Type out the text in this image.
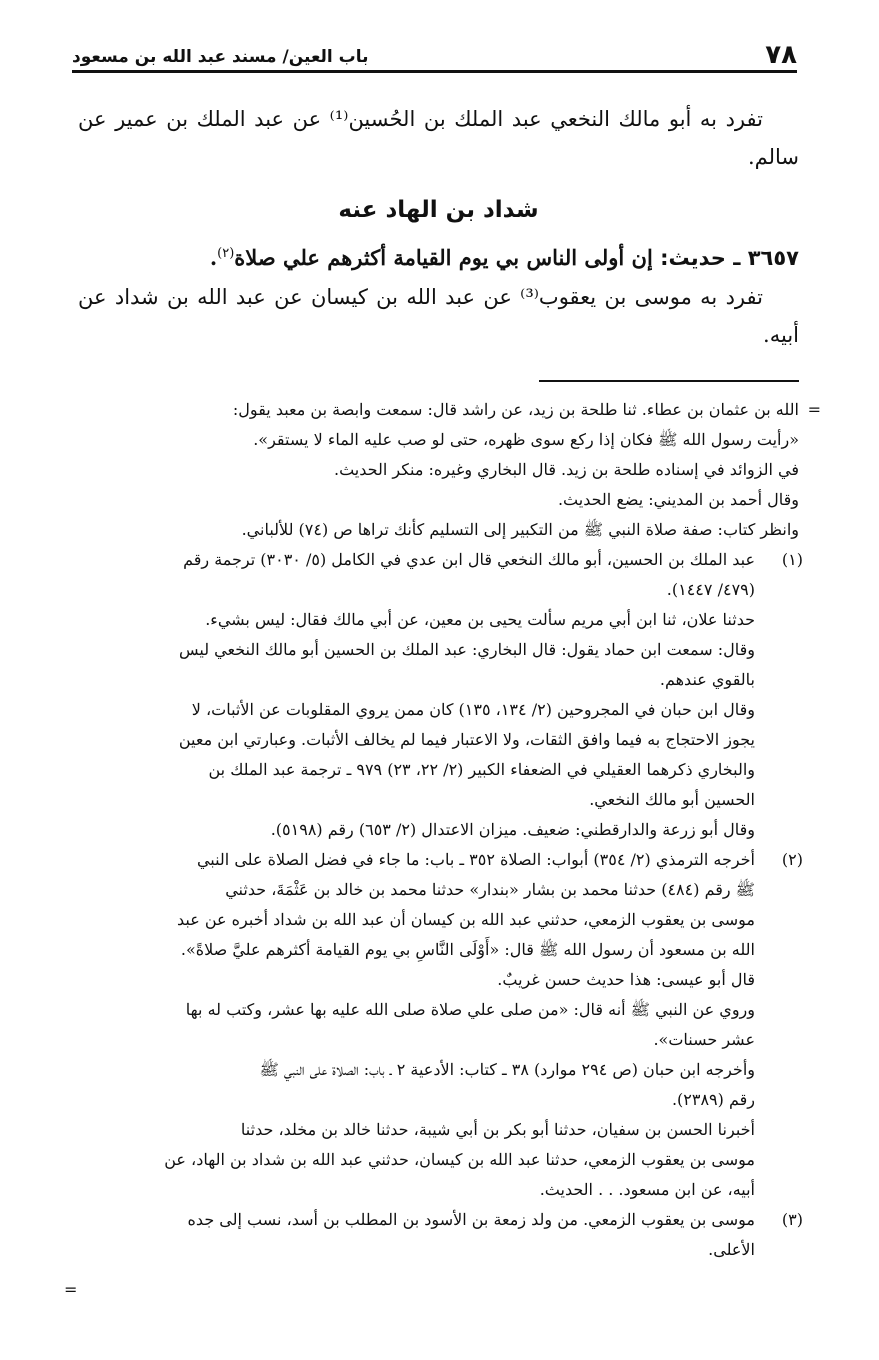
٧٨
باب العين/ مسند عبد الله بن مسعود

تفرد به أبو مالك النخعي عبد الملك بن الحُسين⁽¹⁾ عن عبد الملك بن عمير عن سالم.

شداد بن الهاد عنه

٣٦٥٧ ـ حديث: إن أولى الناس بي يوم القيامة أكثرهم علي صلاة$^{(٢)}$.

تفرد به موسى بن يعقوب⁽³⁾ عن عبد الله بن كيسان عن عبد الله بن شداد عن أبيه.

=

الله بن عثمان بن عطاء. ثنا طلحة بن زيد، عن راشد قال: سمعت وابصة بن معبد يقول:

«رأيت رسول الله ﷺ فكان إذا ركع سوى ظهره، حتى لو صب عليه الماء لا يستقر».

في الزوائد في إسناده طلحة بن زيد. قال البخاري وغيره: منكر الحديث.

وقال أحمد بن المديني: يضع الحديث.

وانظر كتاب: صفة صلاة النبي ﷺ من التكبير إلى التسليم كأنك تراها ص (٧٤) للألباني.

(١)

عبد الملك بن الحسين، أبو مالك النخعي قال ابن عدي في الكامل (٥/ ٣٠٣٠) ترجمة رقم

(٤٧٩/ ١٤٤٧).

حدثنا علان، ثنا ابن أبي مريم سألت يحيى بن معين، عن أبي مالك فقال: ليس بشيء.

وقال: سمعت ابن حماد يقول: قال البخاري: عبد الملك بن الحسين أبو مالك النخعي ليس

بالقوي عندهم.

وقال ابن حبان في المجروحين (٢/ ١٣٤، ١٣٥) كان ممن يروي المقلوبات عن الأثبات، لا

يجوز الاحتجاج به فيما وافق الثقات، ولا الاعتبار فيما لم يخالف الأثبات. وعبارتي ابن معين

والبخاري ذكرهما العقيلي في الضعفاء الكبير (٢/ ٢٢، ٢٣) ٩٧٩ ـ ترجمة عبد الملك بن

الحسين أبو مالك النخعي.

وقال أبو زرعة والدارقطني: ضعيف. ميزان الاعتدال (٢/ ٦٥٣) رقم (٥١٩٨).

(٢)

أخرجه الترمذي (٢/ ٣٥٤) أبواب: الصلاة ٣٥٢ ـ باب: ما جاء في فضل الصلاة على النبي

ﷺ رقم (٤٨٤) حدثنا محمد بن بشار «بندار» حدثنا محمد بن خالد بن عَثْمَةَ، حدثني

موسى بن يعقوب الزمعي، حدثني عبد الله بن كيسان أن عبد الله بن شداد أخبره عن عبد

الله بن مسعود أن رسول الله ﷺ قال: «أَوْلَى النَّاسِ بي يوم القيامة أكثرهم عليَّ صلاةً».

قال أبو عيسى: هذا حديث حسن غريبٌ.

وروي عن النبي ﷺ أنه قال: «من صلى علي صلاة صلى الله عليه بها عشر، وكتب له بها

عشر حسنات».

وأخرجه ابن حبان (ص ٢٩٤ موارد) ٣٨ ـ كتاب: الأدعية ٢ ـ باب: الصلاة على النبي ﷺ

رقم (٢٣٨٩).

أخبرنا الحسن بن سفيان، حدثنا أبو بكر بن أبي شيبة، حدثنا خالد بن مخلد، حدثنا

موسى بن يعقوب الزمعي، حدثنا عبد الله بن كيسان، حدثني عبد الله بن شداد بن الهاد، عن

أبيه، عن ابن مسعود. . . الحديث.

(٣)

موسى بن يعقوب الزمعي. من ولد زمعة بن الأسود بن المطلب بن أسد، نسب إلى جده

الأعلى.

=
